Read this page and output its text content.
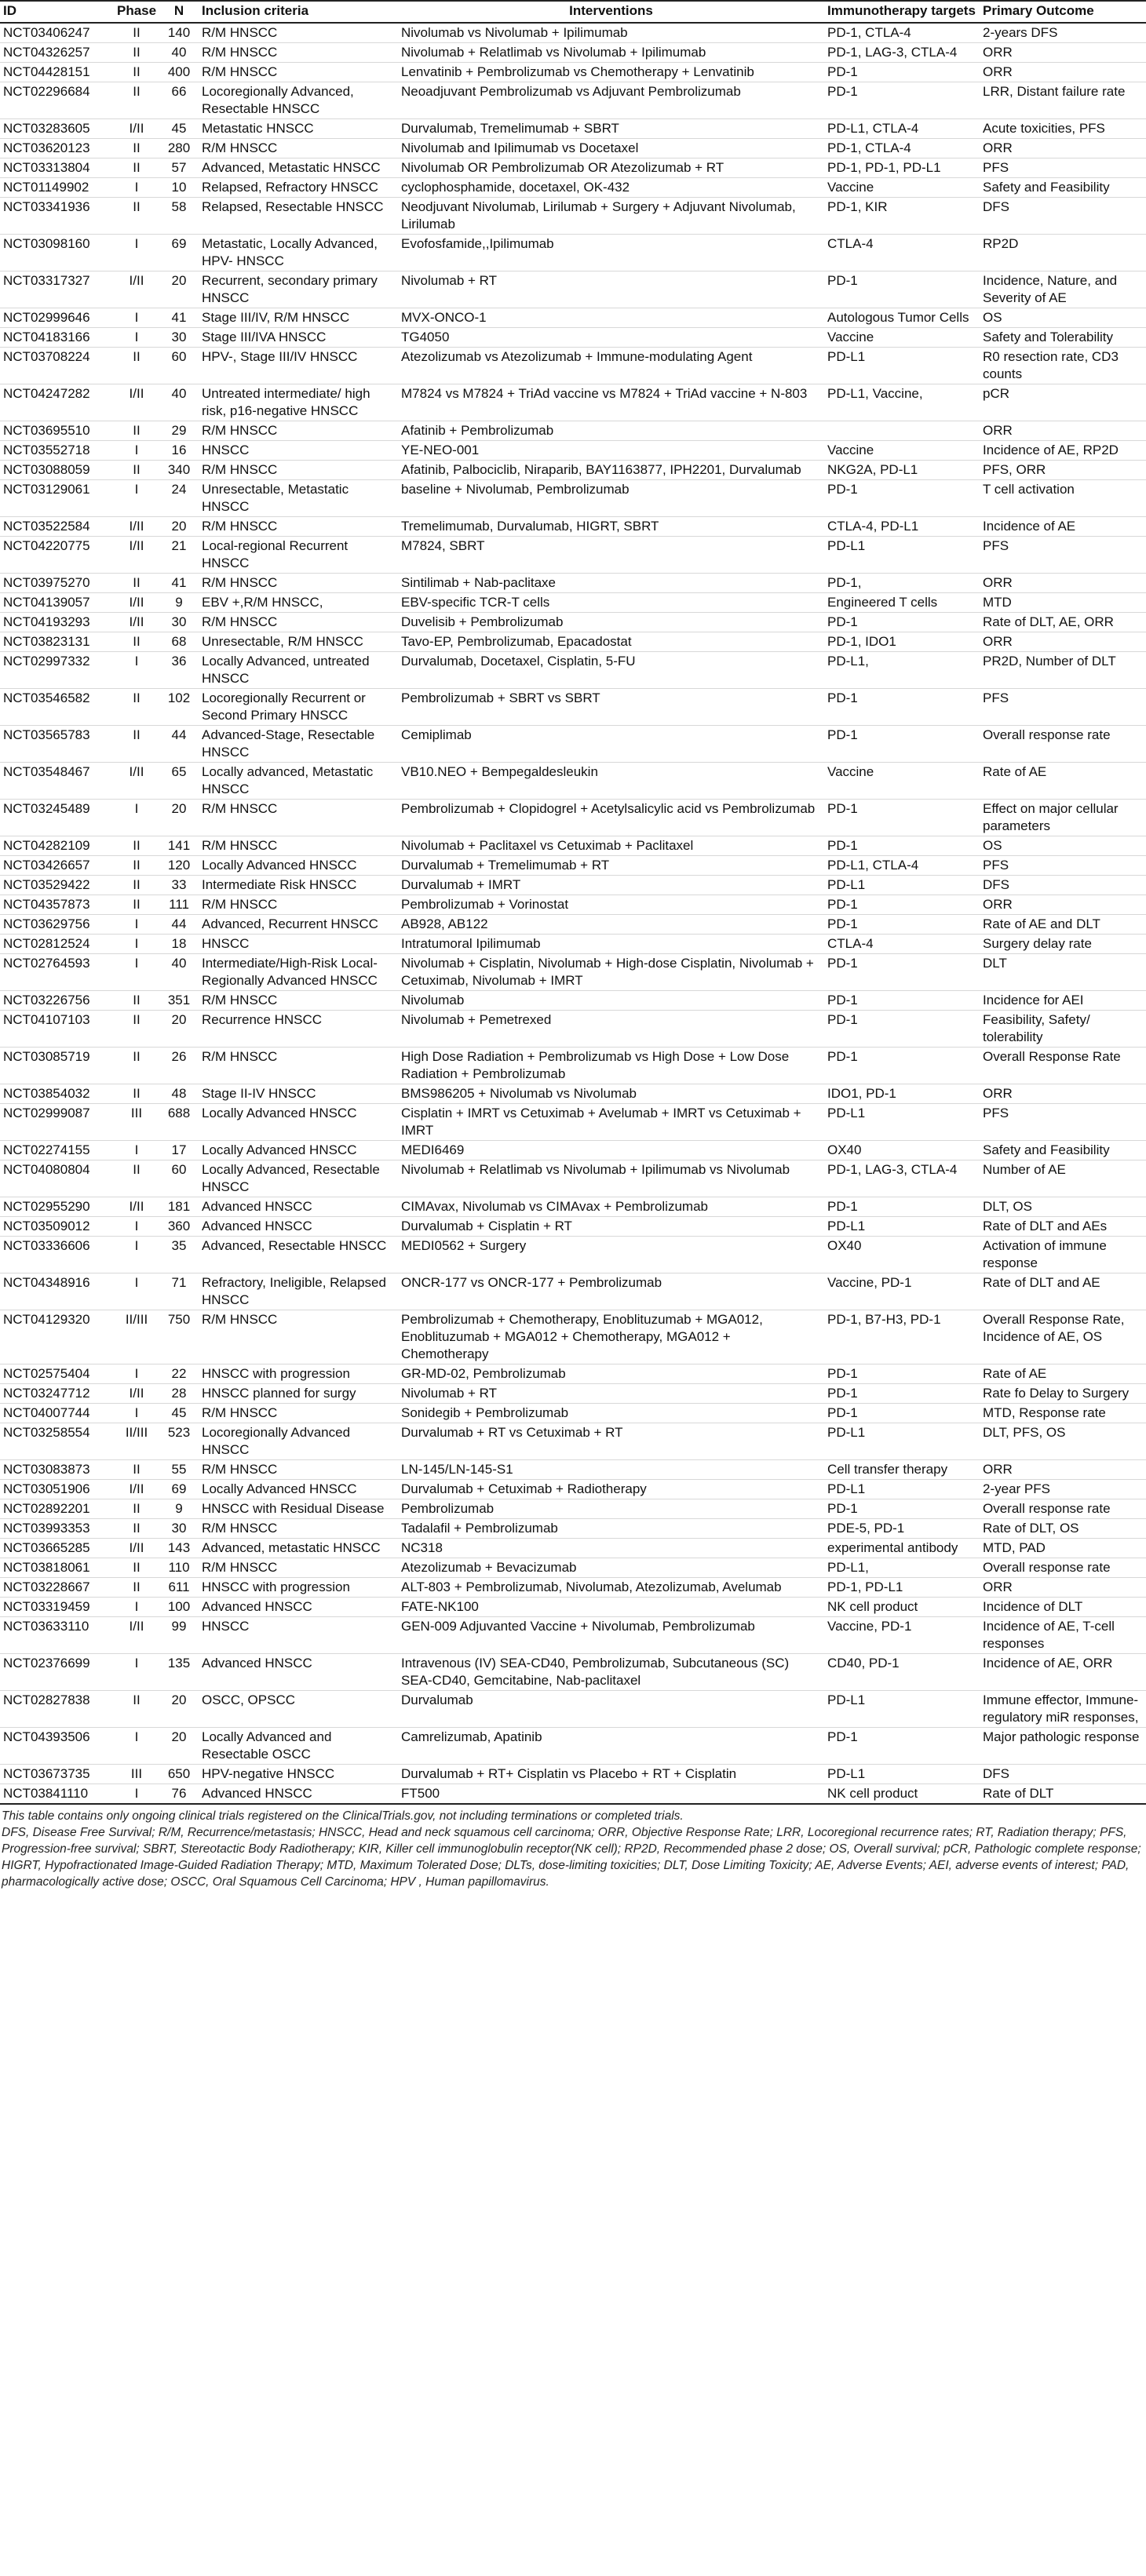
ID	Phase	N	Inclusion criteria	Interventions	Immunotherapy targets	Primary Outcome
NCT03406247	II	140	R/M HNSCC	Nivolumab vs Nivolumab + Ipilimumab	PD-1, CTLA-4	2-years DFS
NCT04326257	II	40	R/M HNSCC	Nivolumab + Relatlimab vs Nivolumab + Ipilimumab	PD-1, LAG-3, CTLA-4	ORR
NCT04428151	II	400	R/M HNSCC	Lenvatinib + Pembrolizumab vs Chemotherapy + Lenvatinib	PD-1	ORR
NCT02296684	II	66	Locoregionally Advanced, Resectable HNSCC	Neoadjuvant Pembrolizumab vs Adjuvant Pembrolizumab	PD-1	LRR, Distant failure rate
NCT03283605	I/II	45	Metastatic HNSCC	Durvalumab, Tremelimumab + SBRT	PD-L1, CTLA-4	Acute toxicities, PFS
NCT03620123	II	280	R/M HNSCC	Nivolumab and Ipilimumab vs Docetaxel	PD-1, CTLA-4	ORR
NCT03313804	II	57	Advanced, Metastatic HNSCC	Nivolumab OR Pembrolizumab OR Atezolizumab + RT	PD-1, PD-1, PD-L1	PFS
NCT01149902	I	10	Relapsed, Refractory HNSCC	cyclophosphamide, docetaxel, OK-432	Vaccine	Safety and Feasibility
NCT03341936	II	58	Relapsed, Resectable HNSCC	Neodjuvant Nivolumab, Lirilumab + Surgery + Adjuvant Nivolumab, Lirilumab	PD-1, KIR	DFS
NCT03098160	I	69	Metastatic, Locally Advanced, HPV- HNSCC	Evofosfamide,,Ipilimumab	CTLA-4	RP2D
NCT03317327	I/II	20	Recurrent, secondary primary HNSCC	Nivolumab + RT	PD-1	Incidence, Nature, and Severity of AE
NCT02999646	I	41	Stage III/IV, R/M HNSCC	MVX-ONCO-1	Autologous Tumor Cells	OS
NCT04183166	I	30	Stage III/IVA HNSCC	TG4050	Vaccine	Safety and Tolerability
NCT03708224	II	60	HPV-, Stage III/IV HNSCC	Atezolizumab vs Atezolizumab + Immune-modulating Agent	PD-L1	R0 resection rate, CD3 counts
NCT04247282	I/II	40	Untreated intermediate/ high risk, p16-negative HNSCC	M7824 vs M7824 + TriAd vaccine vs M7824 + TriAd vaccine + N-803	PD-L1, Vaccine,	pCR
NCT03695510	II	29	R/M HNSCC	Afatinib + Pembrolizumab		ORR
NCT03552718	I	16	HNSCC	YE-NEO-001	Vaccine	Incidence of AE, RP2D
NCT03088059	II	340	R/M HNSCC	Afatinib, Palbociclib, Niraparib, BAY1163877, IPH2201, Durvalumab	NKG2A, PD-L1	PFS, ORR
NCT03129061	I	24	Unresectable, Metastatic HNSCC	baseline + Nivolumab, Pembrolizumab	PD-1	T cell activation
NCT03522584	I/II	20	R/M HNSCC	Tremelimumab, Durvalumab, HIGRT, SBRT	CTLA-4, PD-L1	Incidence of AE
NCT04220775	I/II	21	Local-regional Recurrent HNSCC	M7824, SBRT	PD-L1	PFS
NCT03975270	II	41	R/M HNSCC	Sintilimab + Nab-paclitaxe	PD-1,	ORR
NCT04139057	I/II	9	EBV +,R/M HNSCC,	EBV-specific TCR-T cells	Engineered T cells	MTD
NCT04193293	I/II	30	R/M HNSCC	Duvelisib + Pembrolizumab	PD-1	Rate of DLT, AE, ORR
NCT03823131	II	68	Unresectable, R/M HNSCC	Tavo-EP, Pembrolizumab, Epacadostat	PD-1, IDO1	ORR
NCT02997332	I	36	Locally Advanced, untreated HNSCC	Durvalumab, Docetaxel, Cisplatin, 5-FU	PD-L1,	PR2D, Number of DLT
NCT03546582	II	102	Locoregionally Recurrent or Second Primary HNSCC	Pembrolizumab + SBRT vs SBRT	PD-1	PFS
NCT03565783	II	44	Advanced-Stage, Resectable HNSCC	Cemiplimab	PD-1	Overall response rate
NCT03548467	I/II	65	Locally advanced, Metastatic HNSCC	VB10.NEO + Bempegaldesleukin	Vaccine	Rate of AE
NCT03245489	I	20	R/M HNSCC	Pembrolizumab + Clopidogrel + Acetylsalicylic acid vs Pembrolizumab	PD-1	Effect on major cellular parameters
NCT04282109	II	141	R/M HNSCC	Nivolumab + Paclitaxel vs Cetuximab + Paclitaxel	PD-1	OS
NCT03426657	II	120	Locally Advanced HNSCC	Durvalumab + Tremelimumab + RT	PD-L1, CTLA-4	PFS
NCT03529422	II	33	Intermediate Risk HNSCC	Durvalumab + IMRT	PD-L1	DFS
NCT04357873	II	111	R/M HNSCC	Pembrolizumab + Vorinostat	PD-1	ORR
NCT03629756	I	44	Advanced, Recurrent HNSCC	AB928, AB122	PD-1	Rate of AE and DLT
NCT02812524	I	18	HNSCC	Intratumoral Ipilimumab	CTLA-4	Surgery delay rate
NCT02764593	I	40	Intermediate/High-Risk Local-Regionally Advanced HNSCC	Nivolumab + Cisplatin, Nivolumab + High-dose Cisplatin, Nivolumab + Cetuximab, Nivolumab + IMRT	PD-1	DLT
NCT03226756	II	351	R/M HNSCC	Nivolumab	PD-1	Incidence for AEI
NCT04107103	II	20	Recurrence HNSCC	Nivolumab + Pemetrexed	PD-1	Feasibility, Safety/ tolerability
NCT03085719	II	26	R/M HNSCC	High Dose Radiation + Pembrolizumab vs High Dose + Low Dose Radiation + Pembrolizumab	PD-1	Overall Response Rate
NCT03854032	II	48	Stage II-IV HNSCC	BMS986205 + Nivolumab vs Nivolumab	IDO1, PD-1	ORR
NCT02999087	III	688	Locally Advanced HNSCC	Cisplatin + IMRT vs Cetuximab + Avelumab + IMRT vs Cetuximab + IMRT	PD-L1	PFS
NCT02274155	I	17	Locally Advanced HNSCC	MEDI6469	OX40	Safety and Feasibility
NCT04080804	II	60	Locally Advanced, Resectable HNSCC	Nivolumab + Relatlimab vs Nivolumab + Ipilimumab vs Nivolumab	PD-1, LAG-3, CTLA-4	Number of AE
NCT02955290	I/II	181	Advanced HNSCC	CIMAvax, Nivolumab vs CIMAvax + Pembrolizumab	PD-1	DLT, OS
NCT03509012	I	360	Advanced HNSCC	Durvalumab + Cisplatin + RT	PD-L1	Rate of DLT and AEs
NCT03336606	I	35	Advanced, Resectable HNSCC	MEDI0562 + Surgery	OX40	Activation of immune response
NCT04348916	I	71	Refractory, Ineligible, Relapsed HNSCC	ONCR-177 vs ONCR-177 + Pembrolizumab	Vaccine, PD-1	Rate of DLT and AE
NCT04129320	II/III	750	R/M HNSCC	Pembrolizumab + Chemotherapy, Enoblituzumab + MGA012, Enoblituzumab + MGA012 + Chemotherapy, MGA012 + Chemotherapy	PD-1, B7-H3, PD-1	Overall Response Rate, Incidence of AE, OS
NCT02575404	I	22	HNSCC with progression	GR-MD-02, Pembrolizumab	PD-1	Rate of AE
NCT03247712	I/II	28	HNSCC planned for surgy	Nivolumab + RT	PD-1	Rate fo Delay to Surgery
NCT04007744	I	45	R/M HNSCC	Sonidegib + Pembrolizumab	PD-1	MTD, Response rate
NCT03258554	II/III	523	Locoregionally Advanced HNSCC	Durvalumab + RT vs Cetuximab + RT	PD-L1	DLT, PFS, OS
NCT03083873	II	55	R/M HNSCC	LN-145/LN-145-S1	Cell transfer therapy	ORR
NCT03051906	I/II	69	Locally Advanced HNSCC	Durvalumab + Cetuximab + Radiotherapy	PD-L1	2-year PFS
NCT02892201	II	9	HNSCC with Residual Disease	Pembrolizumab	PD-1	Overall response rate
NCT03993353	II	30	R/M HNSCC	Tadalafil + Pembrolizumab	PDE-5, PD-1	Rate of DLT, OS
NCT03665285	I/II	143	Advanced, metastatic HNSCC	NC318	experimental antibody	MTD, PAD
NCT03818061	II	110	R/M HNSCC	Atezolizumab + Bevacizumab	PD-L1,	Overall response rate
NCT03228667	II	611	HNSCC with progression	ALT-803 + Pembrolizumab, Nivolumab, Atezolizumab, Avelumab	PD-1, PD-L1	ORR
NCT03319459	I	100	Advanced HNSCC	FATE-NK100	NK cell product	Incidence of DLT
NCT03633110	I/II	99	HNSCC	GEN-009 Adjuvanted Vaccine + Nivolumab, Pembrolizumab	Vaccine, PD-1	Incidence of AE, T-cell responses
NCT02376699	I	135	Advanced HNSCC	Intravenous (IV) SEA-CD40, Pembrolizumab, Subcutaneous (SC) SEA-CD40, Gemcitabine, Nab-paclitaxel	CD40, PD-1	Incidence of AE, ORR
NCT02827838	II	20	OSCC, OPSCC	Durvalumab	PD-L1	Immune effector, Immune-regulatory miR responses,
NCT04393506	I	20	Locally Advanced and Resectable OSCC	Camrelizumab, Apatinib	PD-1	Major pathologic response
NCT03673735	III	650	HPV-negative HNSCC	Durvalumab + RT+ Cisplatin vs Placebo + RT + Cisplatin	PD-L1	DFS
NCT03841110	I	76	Advanced HNSCC	FT500	NK cell product	Rate of DLT

This table contains only ongoing clinical trials registered on the ClinicalTrials.gov, not including terminations or completed trials.

DFS, Disease Free Survival; R/M, Recurrence/metastasis; HNSCC, Head and neck squamous cell carcinoma; ORR, Objective Response Rate; LRR, Locoregional recurrence rates; RT, Radiation therapy; PFS, Progression-free survival; SBRT, Stereotactic Body Radiotherapy; KIR, Killer cell immunoglobulin receptor(NK cell); RP2D, Recommended phase 2 dose; OS, Overall survival; pCR, Pathologic complete response; HIGRT, Hypofractionated Image-Guided Radiation Therapy; MTD, Maximum Tolerated Dose; DLTs, dose-limiting toxicities; DLT, Dose Limiting Toxicity; AE, Adverse Events; AEI, adverse events of interest; PAD, pharmacologically active dose; OSCC, Oral Squamous Cell Carcinoma; HPV , Human papillomavirus.
